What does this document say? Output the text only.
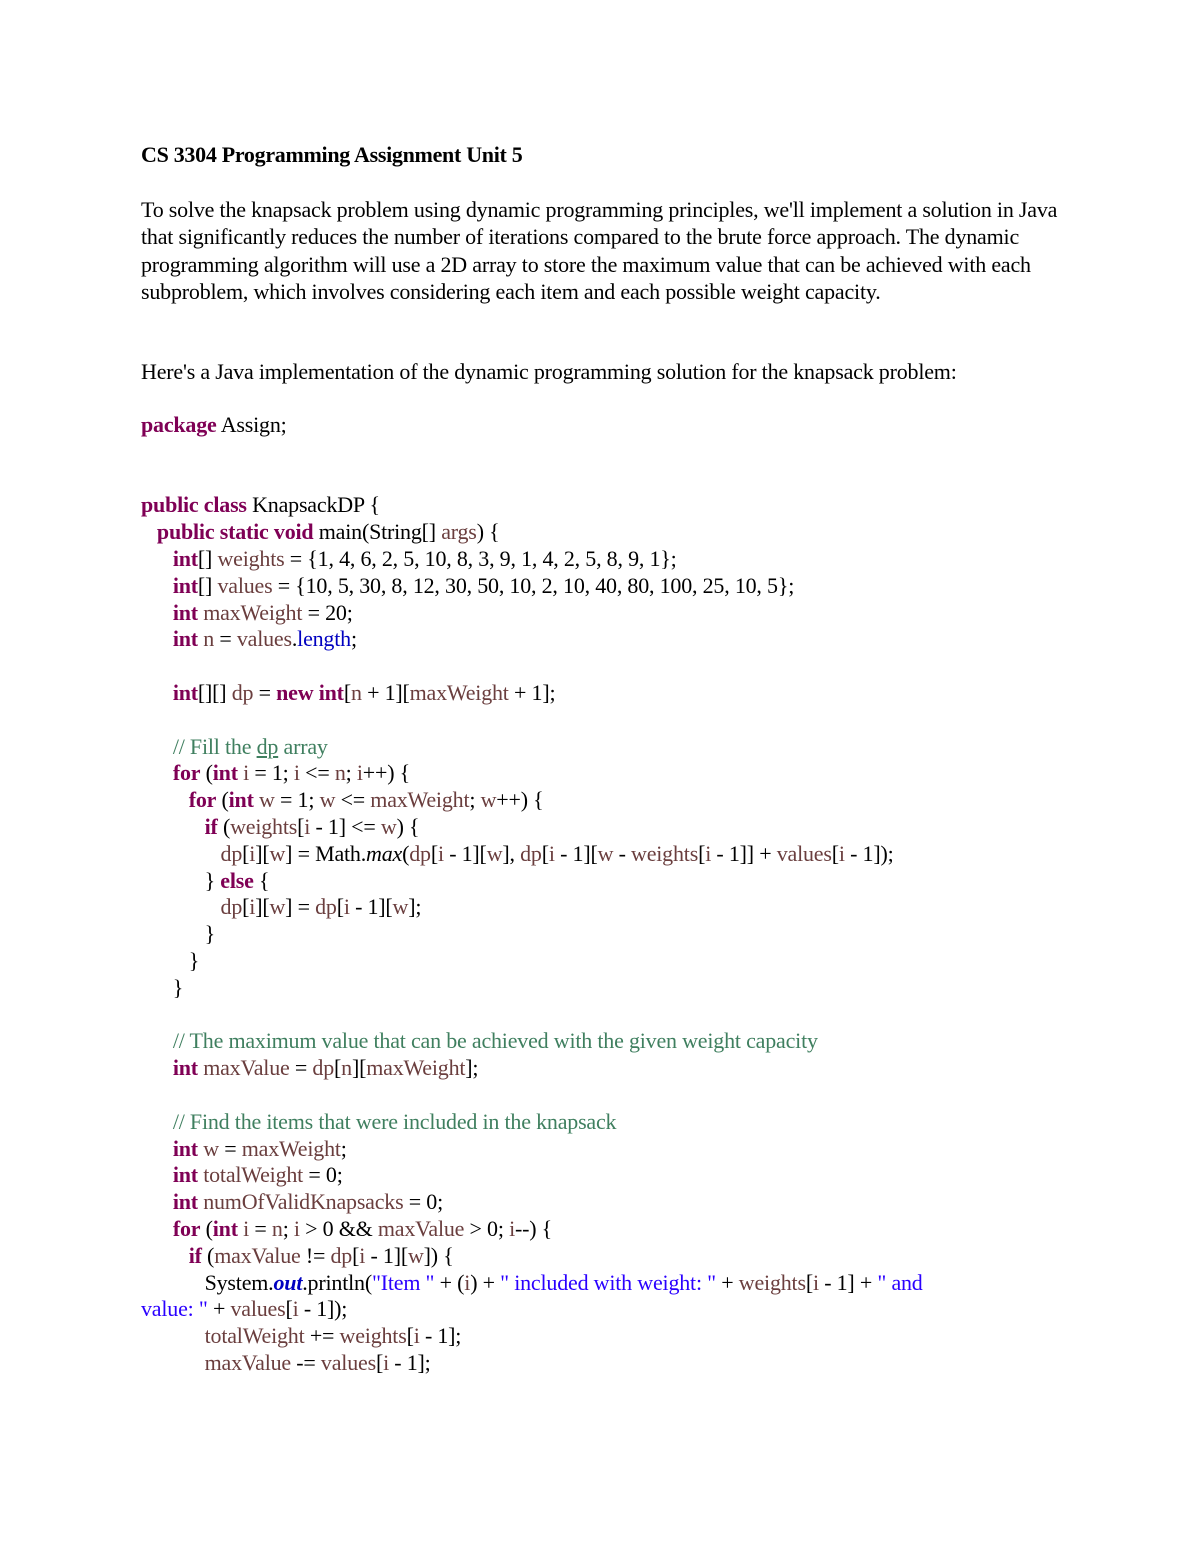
CS 3304 Programming Assignment Unit 5
To solve the knapsack problem using dynamic programming principles, we'll implement a solution in Java that significantly reduces the number of iterations compared to the brute force approach. The dynamic programming algorithm will use a 2D array to store the maximum value that can be achieved with each subproblem, which involves considering each item and each possible weight capacity.
Here's a Java implementation of the dynamic programming solution for the knapsack problem:
package Assign;

public class KnapsackDP {
public static void main(String[] args) {
int[] weights = {1, 4, 6, 2, 5, 10, 8, 3, 9, 1, 4, 2, 5, 8, 9, 1};
int[] values = {10, 5, 30, 8, 12, 30, 50, 10, 2, 10, 40, 80, 100, 25, 10, 5};
int maxWeight = 20;
int n = values.length;

int[][] dp = new int[n + 1][maxWeight + 1];

// Fill the dp array
for (int i = 1; i <= n; i++) {
for (int w = 1; w <= maxWeight; w++) {
if (weights[i - 1] <= w) {
dp[i][w] = Math.max(dp[i - 1][w], dp[i - 1][w - weights[i - 1]] + values[i - 1]);
} else {
dp[i][w] = dp[i - 1][w];
}
}
}

// The maximum value that can be achieved with the given weight capacity
int maxValue = dp[n][maxWeight];

// Find the items that were included in the knapsack
int w = maxWeight;
int totalWeight = 0;
int numOfValidKnapsacks = 0;
for (int i = n; i > 0 && maxValue > 0; i--) {
if (maxValue != dp[i - 1][w]) {
System.out.println("Item " + (i) + " included with weight: " + weights[i - 1] + " and
value: " + values[i - 1]);
totalWeight += weights[i - 1];
maxValue -= values[i - 1];
